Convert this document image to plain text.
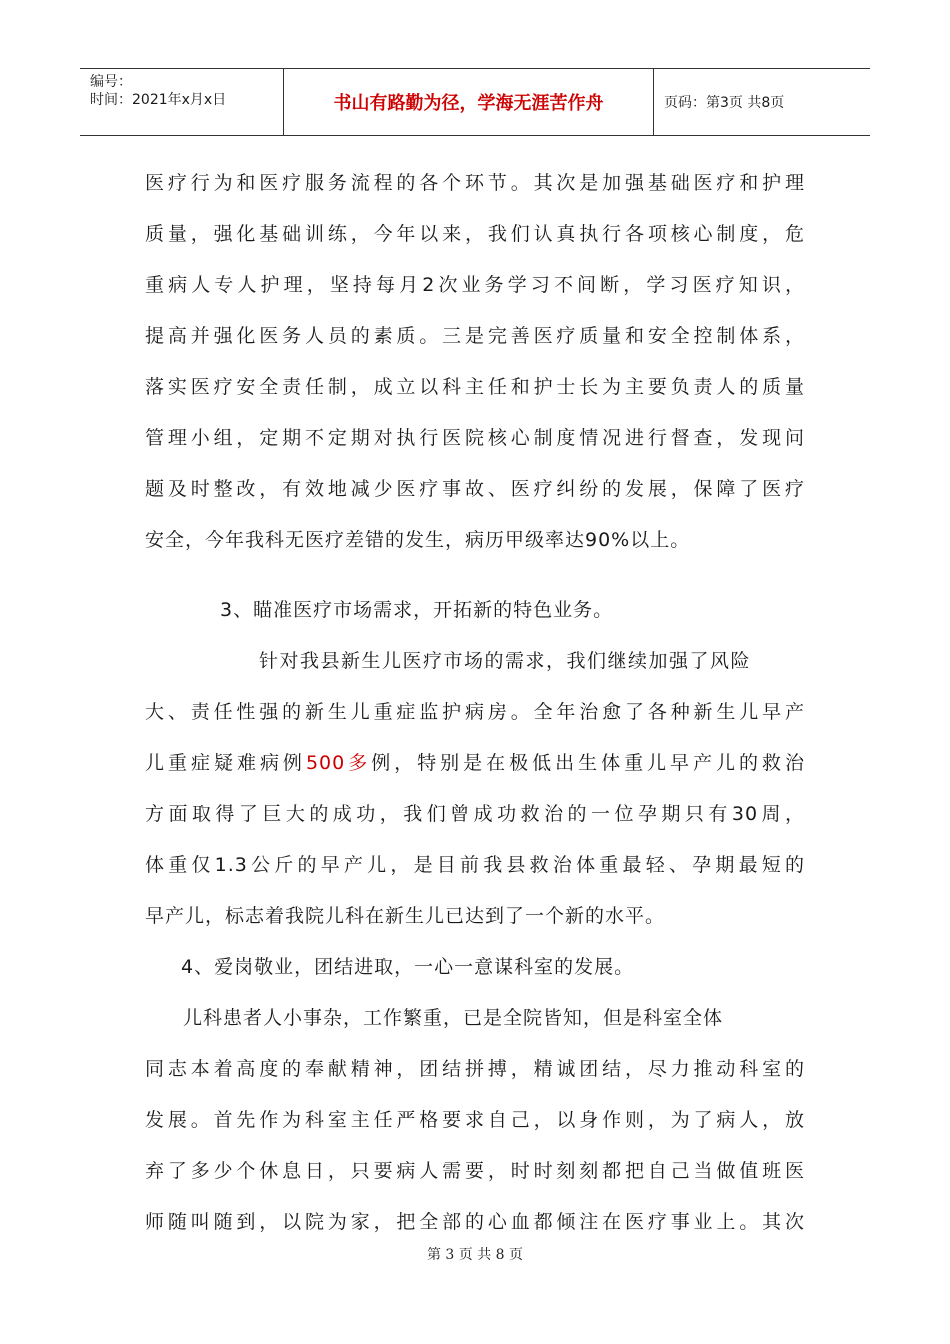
编号：
时间：2021年x月x日	书山有路勤为径，学海无涯苦作舟	页码：第3页 共8页
医疗行为和医疗服务流程的各个环节。其次是加强基础医疗和护理
质量，强化基础训练，今年以来，我们认真执行各项核心制度，危
重病人专人护理，坚持每月2次业务学习不间断，学习医疗知识，
提高并强化医务人员的素质。三是完善医疗质量和安全控制体系，
落实医疗安全责任制，成立以科主任和护士长为主要负责人的质量
管理小组，定期不定期对执行医院核心制度情况进行督查，发现问
题及时整改，有效地减少医疗事故、医疗纠纷的发展，保障了医疗
安全，今年我科无医疗差错的发生，病历甲级率达90%以上。
3、瞄准医疗市场需求，开拓新的特色业务。
针对我县新生儿医疗市场的需求，我们继续加强了风险
大、责任性强的新生儿重症监护病房。全年治愈了各种新生儿早产
儿重症疑难病例500多例，特别是在极低出生体重儿早产儿的救治
方面取得了巨大的成功，我们曾成功救治的一位孕期只有30周，
体重仅1.3公斤的早产儿，是目前我县救治体重最轻、孕期最短的
早产儿，标志着我院儿科在新生儿已达到了一个新的水平。
4、爱岗敬业，团结进取，一心一意谋科室的发展。
儿科患者人小事杂，工作繁重，已是全院皆知，但是科室全体
同志本着高度的奉献精神，团结拼搏，精诚团结，尽力推动科室的
发展。首先作为科室主任严格要求自己，以身作则，为了病人，放
弃了多少个休息日，只要病人需要，时时刻刻都把自己当做值班医
师随叫随到，以院为家，把全部的心血都倾注在医疗事业上。其次
第 3 页 共 8 页
